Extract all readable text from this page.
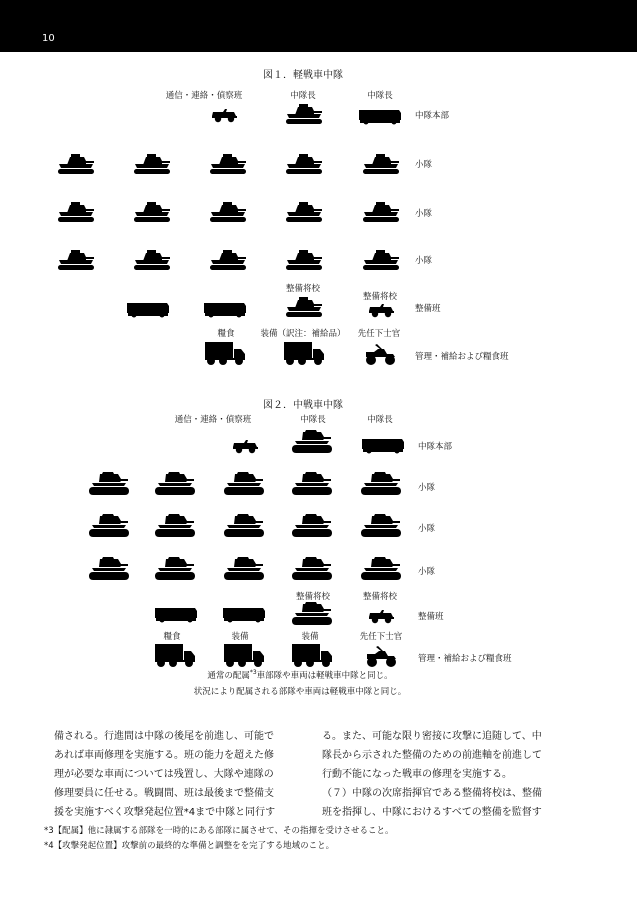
10
図１．軽戦車中隊
通信・連絡・偵察班	中隊長	中隊長
中隊本部
小隊
小隊
小隊
整備将校
整備将校
整備班
糧食	装備（訳注：補給品） 先任下士官
管理・補給および糧食班
図２．中戦車中隊
通信・連絡・偵察班	中隊長	中隊長
中隊本部
小隊
小隊
小隊
整備将校	整備将校
整備班
糧食	装備	装備	先任下士官
管理・補給および糧食班
通常の配属$^{*3}$車部隊や車両は軽戦車中隊と同じ。
状況により配属される部隊や車両は軽戦車中隊と同じ。

備される。行進間は中隊の後尾を前進し、可能で

あれば車両修理を実施する。班の能力を超えた修

理が必要な車両については残置し、大隊や連隊の

修理要員に任せる。戦闘間、班は最後まで整備支

援を実施すべく攻撃発起位置*4まで中隊と同行す

る。また、可能な限り密接に攻撃に追随して、中

隊長から示された整備のための前進軸を前進して

行動不能になった戦車の修理を実施する。

（７）中隊の次席指揮官である整備将校は、整備

班を指揮し、中隊におけるすべての整備を監督す

*3【配属】他に隷属する部隊を一時的にある部隊に属させて、その指揮を受けさせること。
*4【攻撃発起位置】攻撃前の最終的な準備と調整をを完了する地域のこと。
